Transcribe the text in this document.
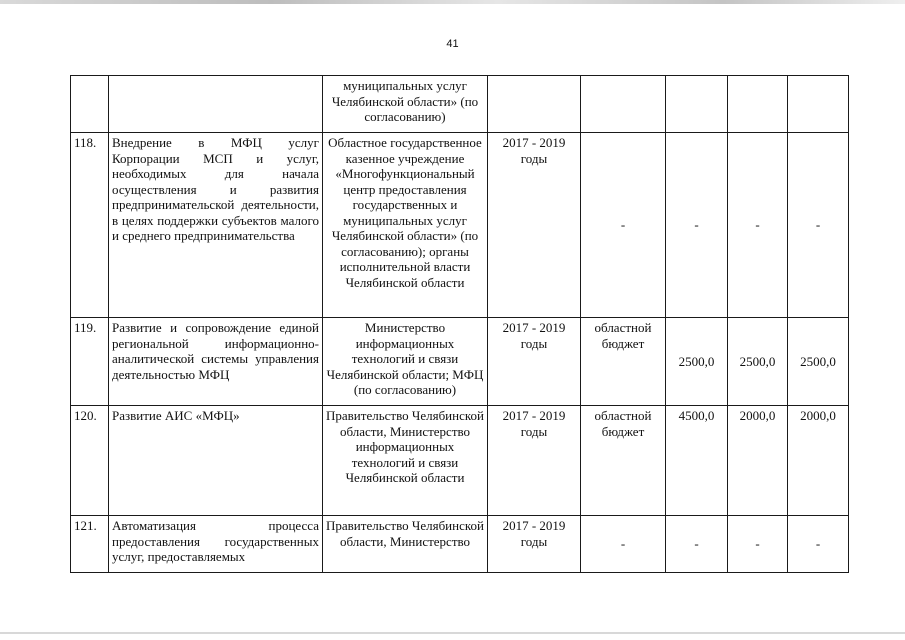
41
		муниципальных услуг Челябинской области» (по согласованию)					
118.	Внедрение в МФЦ услуг Корпорации МСП и услуг, необходимых для начала осуществления и развития предпринимательской деятельности, в целях поддержки субъектов малого и среднего предпринимательства	Областное государственное казенное учреждение «Многофункциональный центр предоставления государственных и муниципальных услуг Челябинской области» (по согласованию); органы исполнительной власти Челябинской области	2017 - 2019 годы	-	-	-	-
119.	Развитие и сопровождение единой региональной информационно-аналитической системы управления деятельностью МФЦ	Министерство информационных технологий и связи Челябинской области; МФЦ (по согласованию)	2017 - 2019 годы	областной бюджет	2500,0	2500,0	2500,0
120.	Развитие АИС «МФЦ»	Правительство Челябинской области, Министерство информационных технологий и связи Челябинской области	2017 - 2019 годы	областной бюджет	4500,0	2000,0	2000,0
121.	Автоматизация процесса предоставления государственных услуг, предоставляемых	Правительство Челябинской области, Министерство	2017 - 2019 годы	-	-	-	-
